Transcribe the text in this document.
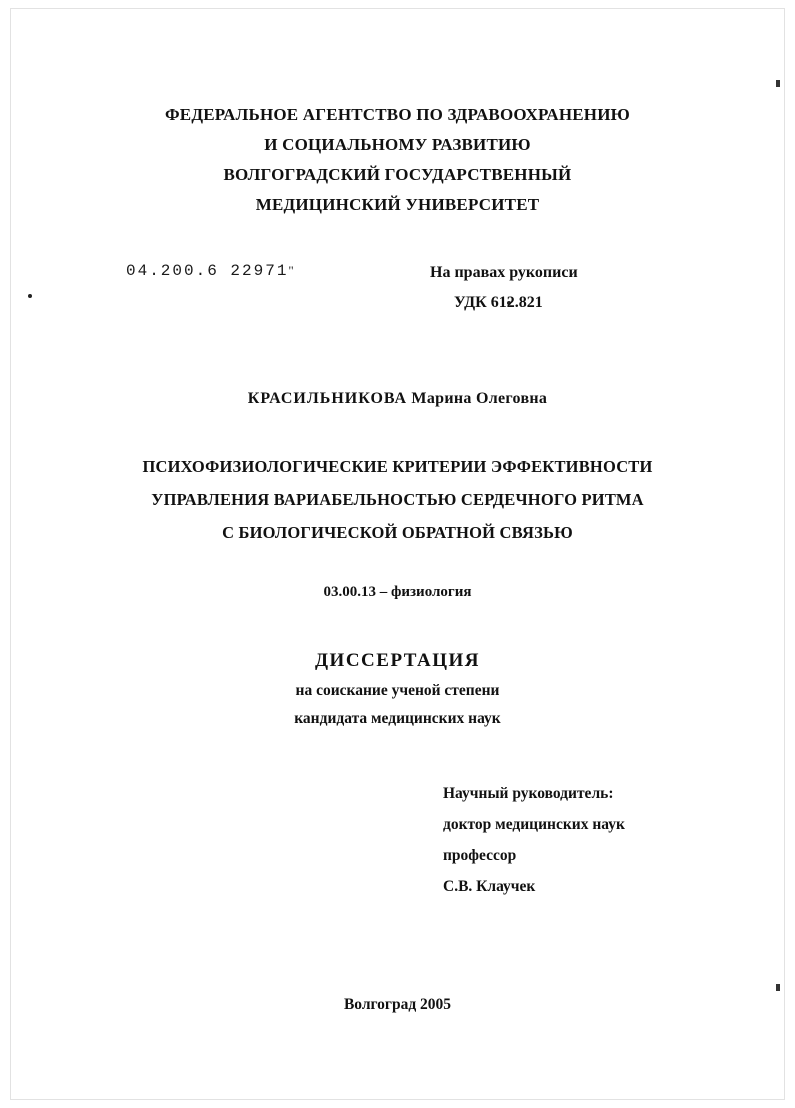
ФЕДЕРАЛЬНОЕ АГЕНТСТВО ПО ЗДРАВООХРАНЕНИЮ
И СОЦИАЛЬНОМУ РАЗВИТИЮ
ВОЛГОГРАДСКИЙ ГОСУДАРСТВЕННЫЙ
МЕДИЦИНСКИЙ УНИВЕРСИТЕТ
04.200.6 22971"	На правах рукописи
УДК 612.821
КРАСИЛЬНИКОВА Марина Олеговна
ПСИХОФИЗИОЛОГИЧЕСКИЕ КРИТЕРИИ ЭФФЕКТИВНОСТИ
УПРАВЛЕНИЯ ВАРИАБЕЛЬНОСТЬЮ СЕРДЕЧНОГО РИТМА
С БИОЛОГИЧЕСКОЙ ОБРАТНОЙ СВЯЗЬЮ
03.00.13 – физиология
ДИССЕРТАЦИЯ
на соискание ученой степени
кандидата медицинских наук
Научный руководитель:
доктор медицинских наук
профессор
С.В. Клаучек
Волгоград 2005
